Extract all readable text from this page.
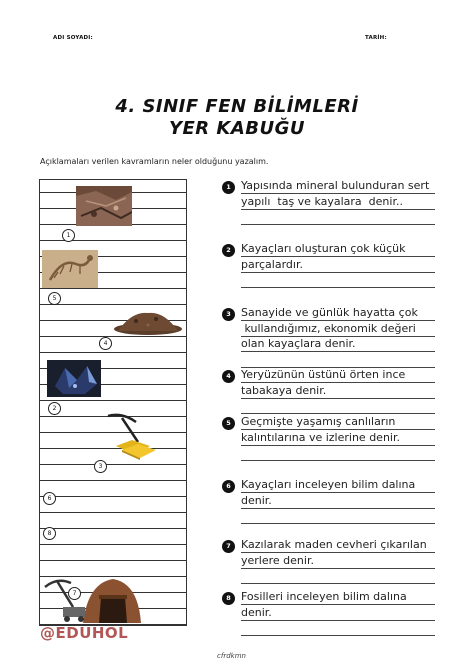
ADI SOYADI:	TARİH:
4. SINIF FEN BİLİMLERİ
YER KABUĞU
Açıklamaları verilen kavramların neler olduğunu yazalım.
1
5
4
2
3
6
8
7
1 Yapısında mineral bulunduran sert
yapılı  taş ve kayalara  denir..
2 Kayaçları oluşturan çok küçük
parçalardır.
3 Sanayide ve günlük hayatta çok
kullandığımız, ekonomik değeri
olan kayaçlara denir.
4 Yeryüzünün üstünü örten ince
tabakaya denir.
5 Geçmişte yaşamış canlıların
kalıntılarına ve izlerine denir.
6 Kayaçları inceleyen bilim dalına
denir.
7 Kazılarak maden cevheri çıkarılan
yerlere denir.
8 Fosilleri inceleyen bilim dalına
denir.
@EDUHOL
cfrdkmn
